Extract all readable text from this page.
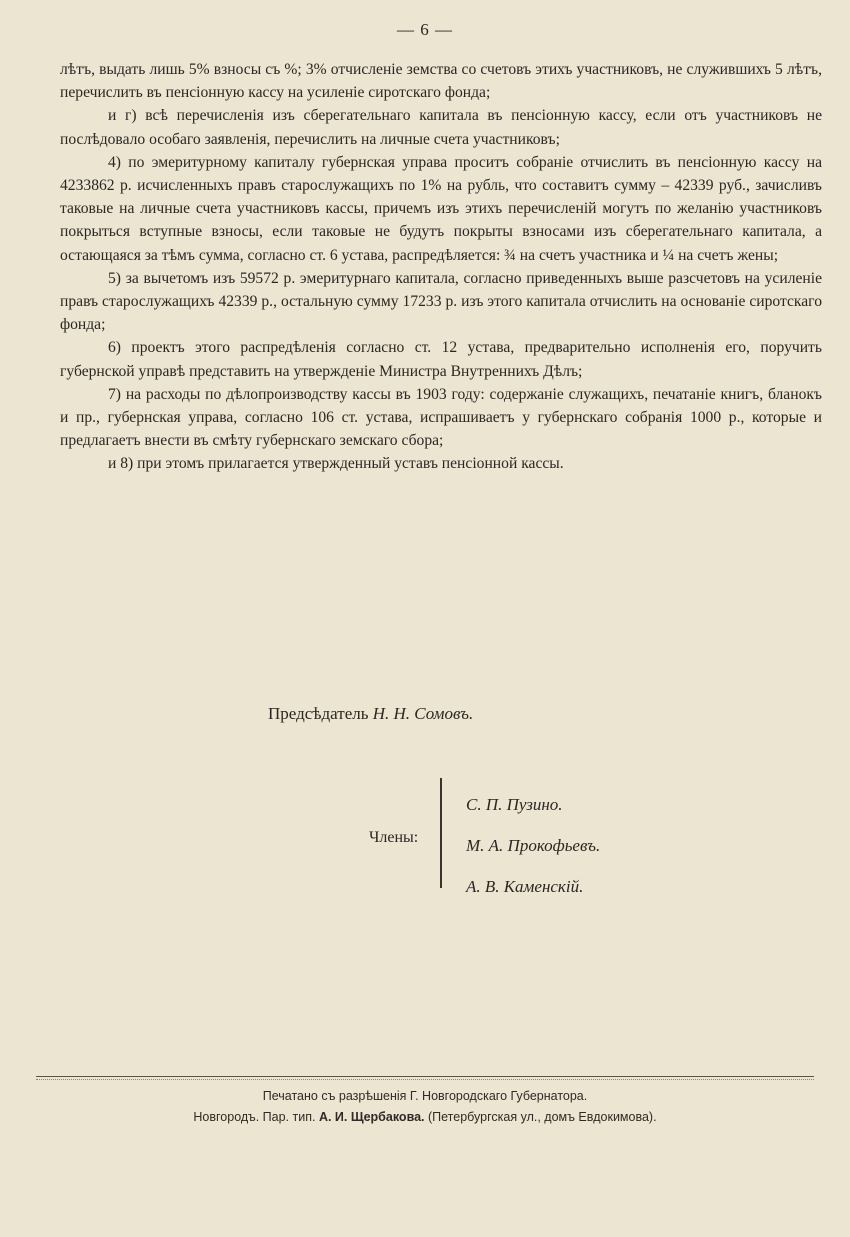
— 6 —

лѣтъ, выдать лишь 5% взносы съ %; 3% отчисленіе земства со счетовъ этихъ участниковъ, не служившихъ 5 лѣтъ, перечислить въ пенсіонную кассу на усиленіе сиротскаго фонда;

и г) всѣ перечисленія изъ сберегательнаго капитала въ пенсіонную кассу, если отъ участниковъ не послѣдовало особаго заявленія, перечислить на личные счета участниковъ;

4) по эмеритурному капиталу губернская управа проситъ собраніе отчислить въ пенсіонную кассу на 4233862 р. исчисленныхъ правъ старослужащихъ по 1% на рубль, что составитъ сумму – 42339 руб., зачисливъ таковые на личные счета участниковъ кассы, причемъ изъ этихъ перечисленій могутъ по желанію участниковъ покрыться вступные взносы, если таковые не будутъ покрыты взносами изъ сберегательнаго капитала, а остающаяся за тѣмъ сумма, согласно ст. 6 устава, распредѣляется: ¾ на счетъ участника и ¼ на счетъ жены;

5) за вычетомъ изъ 59572 р. эмеритурнаго капитала, согласно приведенныхъ выше разсчетовъ на усиленіе правъ старослужащихъ 42339 р., остальную сумму 17233 р. изъ этого капитала отчислить на основаніе сиротскаго фонда;

6) проектъ этого распредѣленія согласно ст. 12 устава, предварительно исполненія его, поручить губернской управѣ представить на утвержденіе Министра Внутреннихъ Дѣлъ;

7) на расходы по дѣлопроизводству кассы въ 1903 году: содержаніе служащихъ, печатаніе книгъ, бланокъ и пр., губернская управа, согласно 106 ст. устава, испрашиваетъ у губернскаго собранія 1000 р., которые и предлагаетъ внести въ смѣту губернскаго земскаго сбора;

и 8) при этомъ прилагается утвержденный уставъ пенсіонной кассы.

Предсѣдатель Н. Н. Сомовъ.
Члены:
С. П. Пузино.
М. А. Прокофьевъ.
А. В. Каменскій.
Печатано съ разрѣшенія Г. Новгородскаго Губернатора.
Новгородъ. Пар. тип. А. И. Щербакова. (Петербургская ул., домъ Евдокимова).
